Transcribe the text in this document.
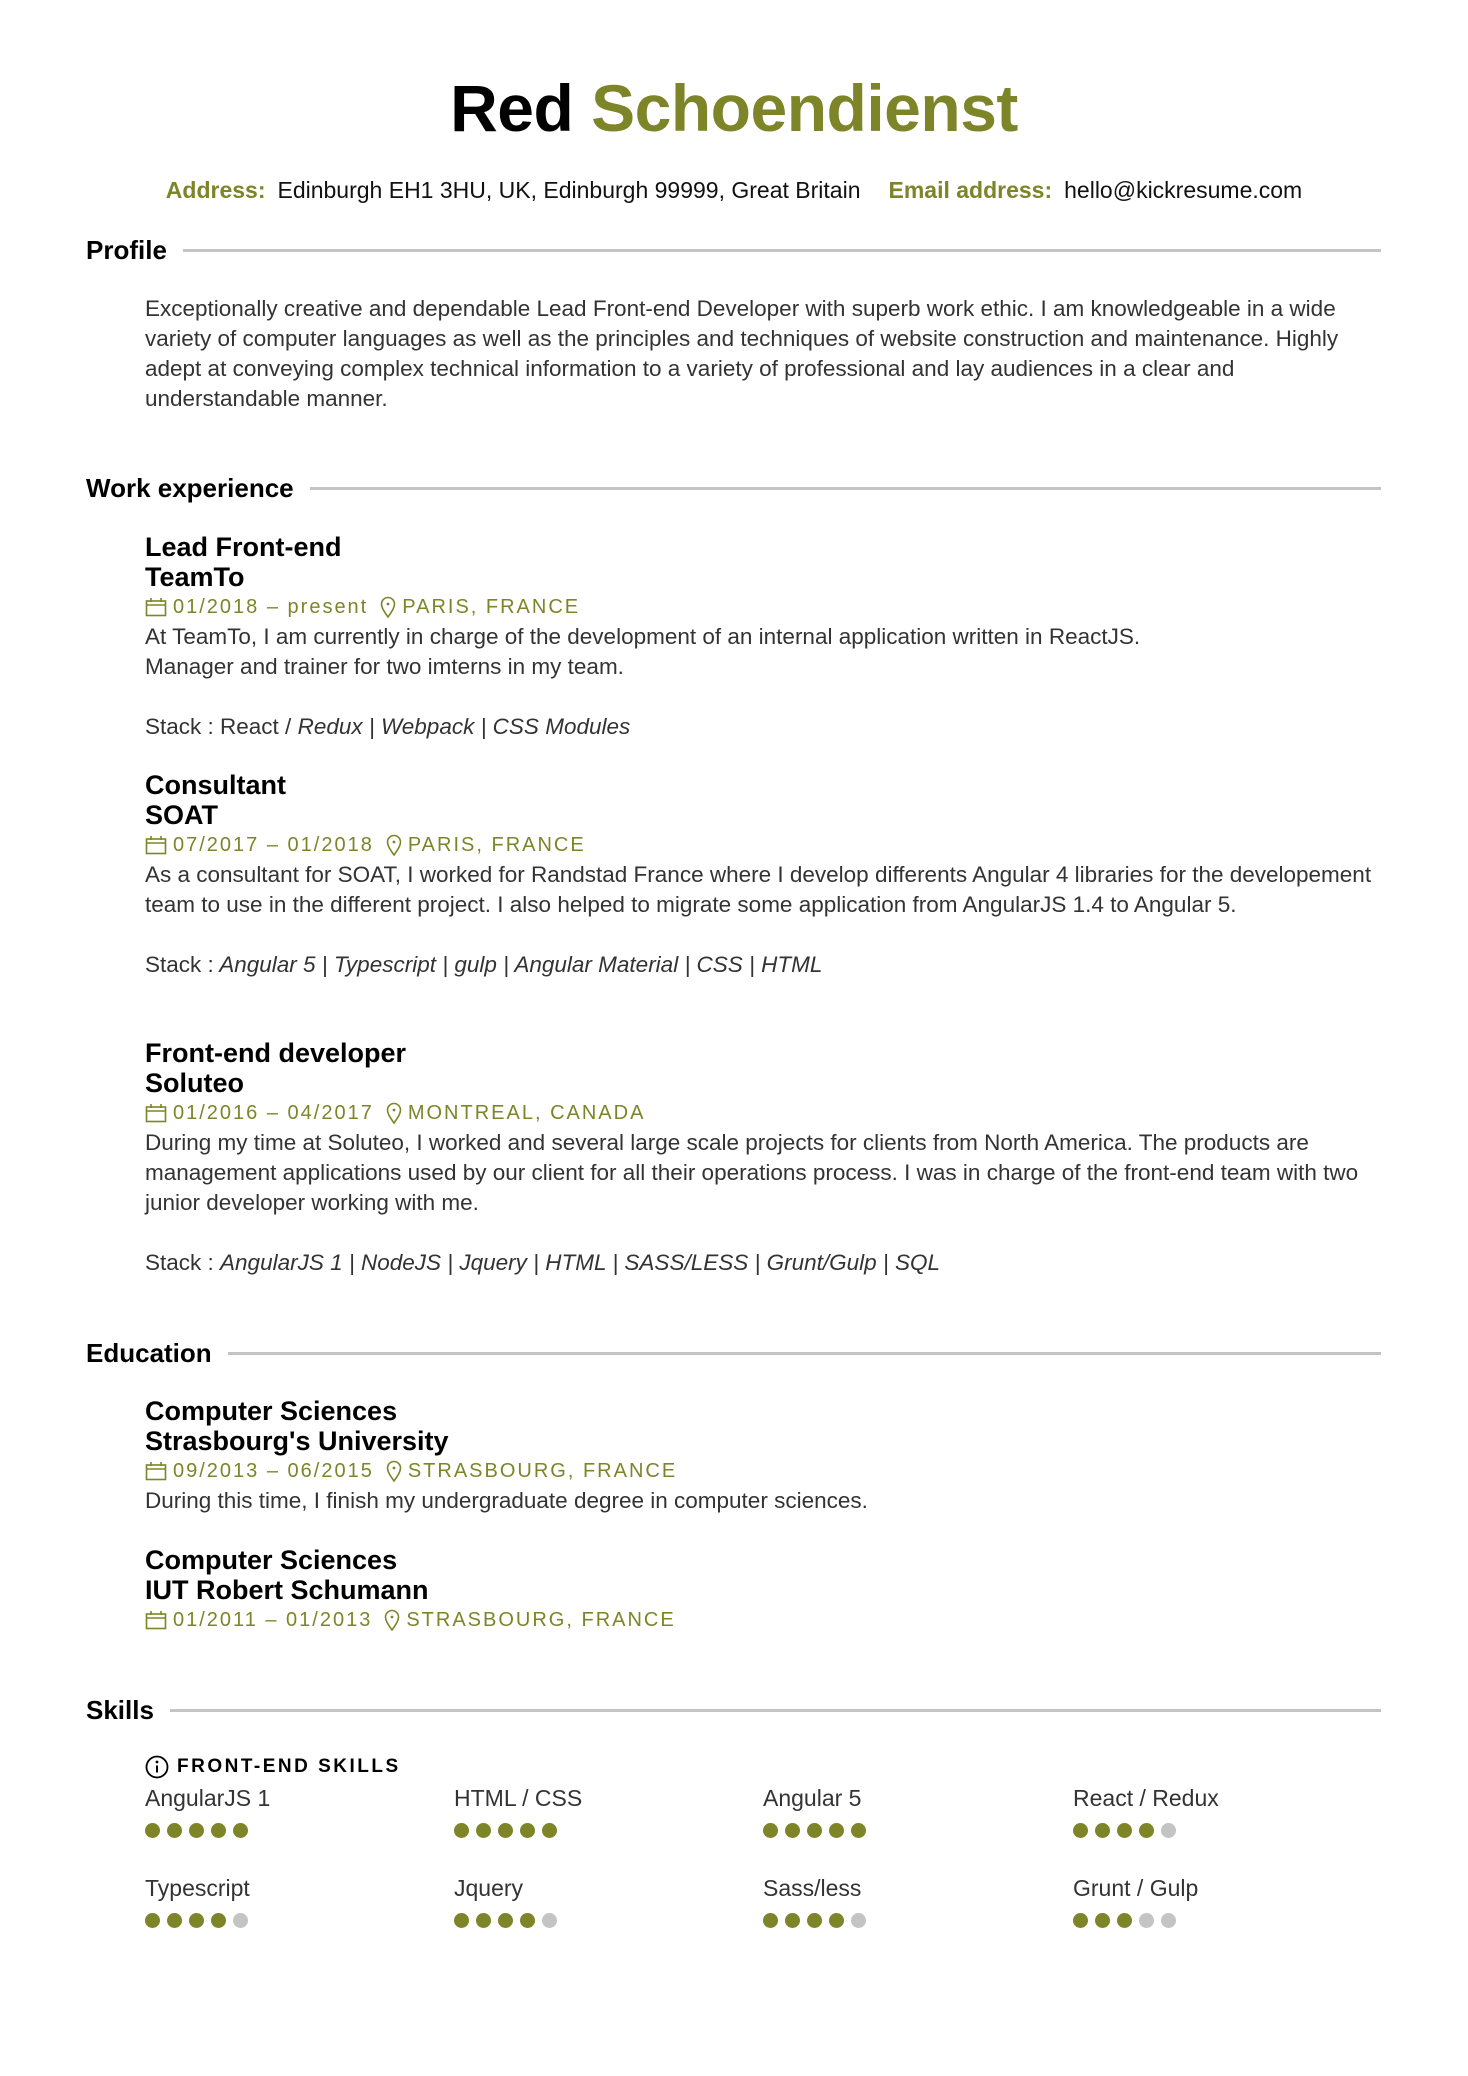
Red Schoendienst
Address: Edinburgh EH1 3HU, UK, Edinburgh 99999, Great Britain Email address: hello@kickresume.com
Profile
Exceptionally creative and dependable Lead Front-end Developer with superb work ethic. I am knowledgeable in a wide variety of computer languages as well as the principles and techniques of website construction and maintenance. Highly adept at conveying complex technical information to a variety of professional and lay audiences in a clear and understandable manner.
Work experience
Lead Front-end
TeamTo
01/2018 – present PARIS, FRANCE
At TeamTo, I am currently in charge of the development of an internal application written in ReactJS.
Manager and trainer for two imterns in my team.
Stack : React / Redux | Webpack | CSS Modules
Consultant
SOAT
07/2017 – 01/2018 PARIS, FRANCE
As a consultant for SOAT, I worked for Randstad France where I develop differents Angular 4 libraries for the developement team to use in the different project. I also helped to migrate some application from AngularJS 1.4 to Angular 5.
Stack : Angular 5 | Typescript | gulp | Angular Material | CSS | HTML
Front-end developer
Soluteo
01/2016 – 04/2017 MONTREAL, CANADA
During my time at Soluteo, I worked and several large scale projects for clients from North America. The products are management applications used by our client for all their operations process. I was in charge of the front-end team with two junior developer working with me.
Stack : AngularJS 1 | NodeJS | Jquery | HTML | SASS/LESS | Grunt/Gulp | SQL
Education
Computer Sciences
Strasbourg's University
09/2013 – 06/2015 STRASBOURG, FRANCE
During this time, I finish my undergraduate degree in computer sciences.
Computer Sciences
IUT Robert Schumann
01/2011 – 01/2013 STRASBOURG, FRANCE
Skills
FRONT-END SKILLS
AngularJS 1	HTML / CSS	Angular 5	React / Redux
Typescript	Jquery	Sass/less	Grunt / Gulp
